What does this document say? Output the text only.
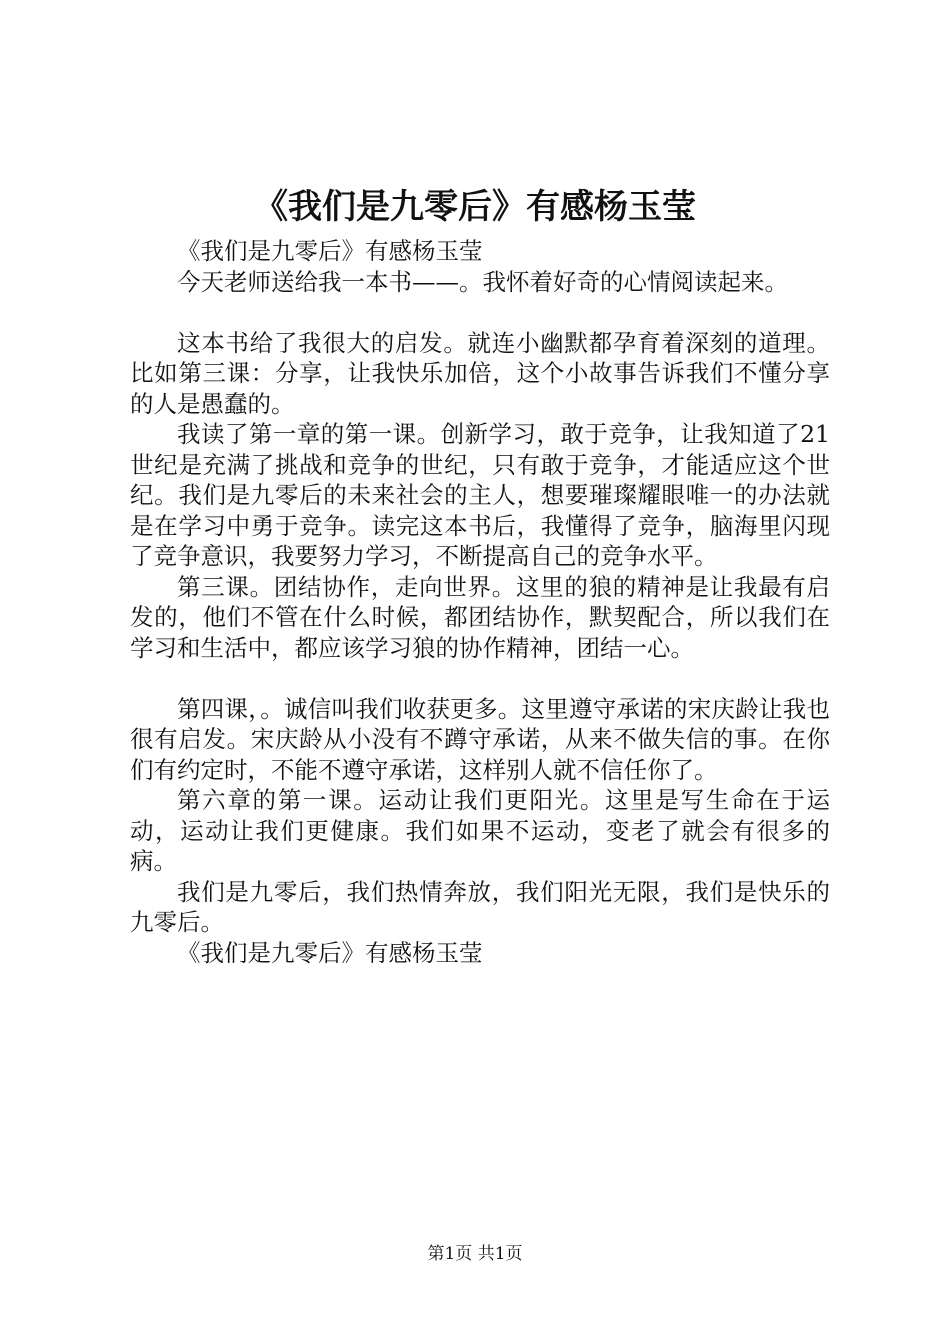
《我们是九零后》有感杨玉莹

《我们是九零后》有感杨玉莹

今天老师送给我一本书——。我怀着好奇的心情阅读起来。

这本书给了我很大的启发。就连小幽默都孕育着深刻的道理。比如第三课：分享，让我快乐加倍，这个小故事告诉我们不懂分享的人是愚蠢的。

我读了第一章的第一课。创新学习，敢于竞争，让我知道了21世纪是充满了挑战和竞争的世纪，只有敢于竞争，才能适应这个世纪。我们是九零后的未来社会的主人，想要璀璨耀眼唯一的办法就是在学习中勇于竞争。读完这本书后，我懂得了竞争，脑海里闪现了竞争意识，我要努力学习，不断提高自己的竞争水平。

第三课。团结协作，走向世界。这里的狼的精神是让我最有启发的，他们不管在什么时候，都团结协作，默契配合，所以我们在学习和生活中，都应该学习狼的协作精神，团结一心。

第四课，。诚信叫我们收获更多。这里遵守承诺的宋庆龄让我也很有启发。宋庆龄从小没有不蹲守承诺，从来不做失信的事。在你们有约定时，不能不遵守承诺，这样别人就不信任你了。

第六章的第一课。运动让我们更阳光。这里是写生命在于运动，运动让我们更健康。我们如果不运动，变老了就会有很多的病。

我们是九零后，我们热情奔放，我们阳光无限，我们是快乐的九零后。

《我们是九零后》有感杨玉莹

第1页 共1页
